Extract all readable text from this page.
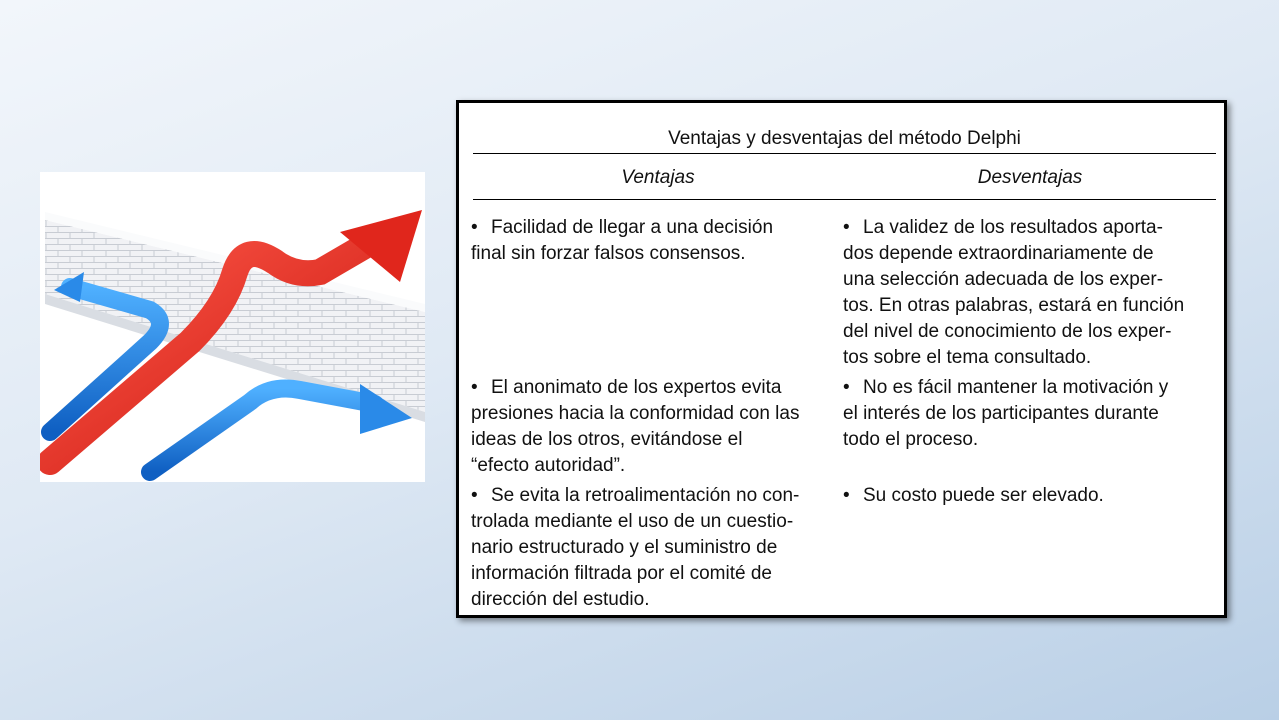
Ventajas y desventajas del método Delphi
Ventajas	Desventajas
• Facilidad de llegar a una decisión
final sin forzar falsos consensos.
• El anonimato de los expertos evita
presiones hacia la conformidad con las
ideas de los otros, evitándose el
“efecto autoridad”.
• Se evita la retroalimentación no con-
trolada mediante el uso de un cuestio-
nario estructurado y el suministro de
información filtrada por el comité de
dirección del estudio.
• La validez de los resultados aporta-
dos depende extraordinariamente de
una selección adecuada de los exper-
tos. En otras palabras, estará en función
del nivel de conocimiento de los exper-
tos sobre el tema consultado.
• No es fácil mantener la motivación y
el interés de los participantes durante
todo el proceso.
• Su costo puede ser elevado.
